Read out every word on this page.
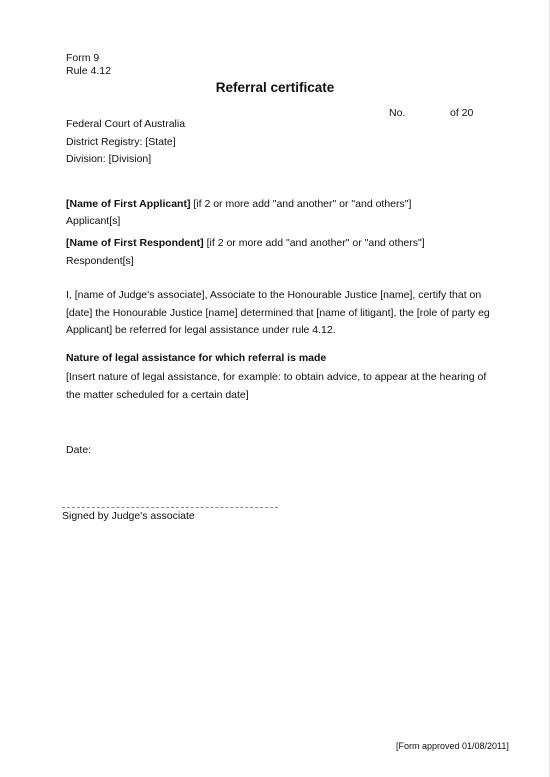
Form 9
Rule 4.12
Referral certificate
No.	of 20
Federal Court of Australia
District Registry: [State]
Division: [Division]
[Name of First Applicant] [if 2 or more add "and another" or "and others"]
Applicant[s]
[Name of First Respondent] [if 2 or more add "and another" or "and others"]
Respondent[s]
I, [name of Judge's associate], Associate to the Honourable Justice [name], certify that on [date] the Honourable Justice [name] determined that [name of litigant], the [role of party eg Applicant] be referred for legal assistance under rule 4.12.
Nature of legal assistance for which referral is made
[Insert nature of legal assistance, for example: to obtain advice, to appear at the hearing of the matter scheduled for a certain date]
Date:
Signed by Judge's associate
[Form approved 01/08/2011]
